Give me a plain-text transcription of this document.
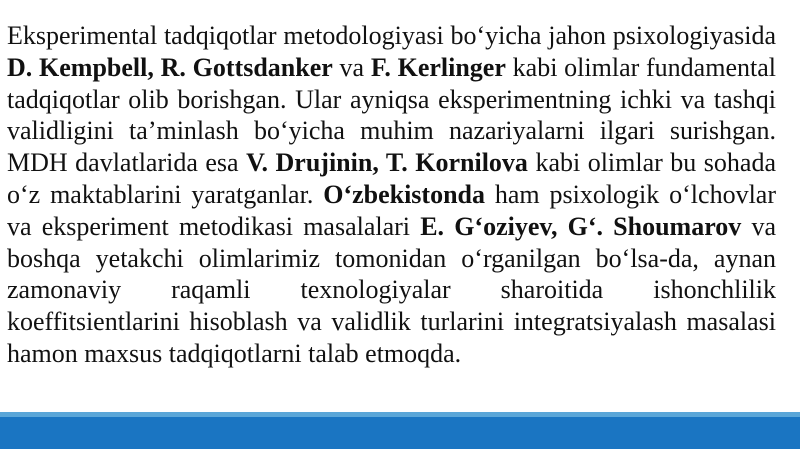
Eksperimental tadqiqotlar metodologiyasi bo‘yicha jahon psixologiyasida D. Kempbell, R. Gottsdanker va F. Kerlinger kabi olimlar fundamental tadqiqotlar olib borishgan. Ular ayniqsa eksperimentning ichki va tashqi validligini ta’minlash bo‘yicha muhim nazariyalarni ilgari surishgan. MDH davlatlarida esa V. Drujinin, T. Kornilova kabi olimlar bu sohada o‘z maktablarini yaratganlar. O‘zbekistonda ham psixologik o‘lchovlar va eksperiment metodikasi masalalari E. G‘oziyev, G‘. Shoumarov va boshqa yetakchi olimlarimiz tomonidan o‘rganilgan bo‘lsa-da, aynan zamonaviy raqamli texnologiyalar sharoitida ishonchlilik koeffitsientlarini hisoblash va validlik turlarini integratsiyalash masalasi hamon maxsus tadqiqotlarni talab etmoqda.
